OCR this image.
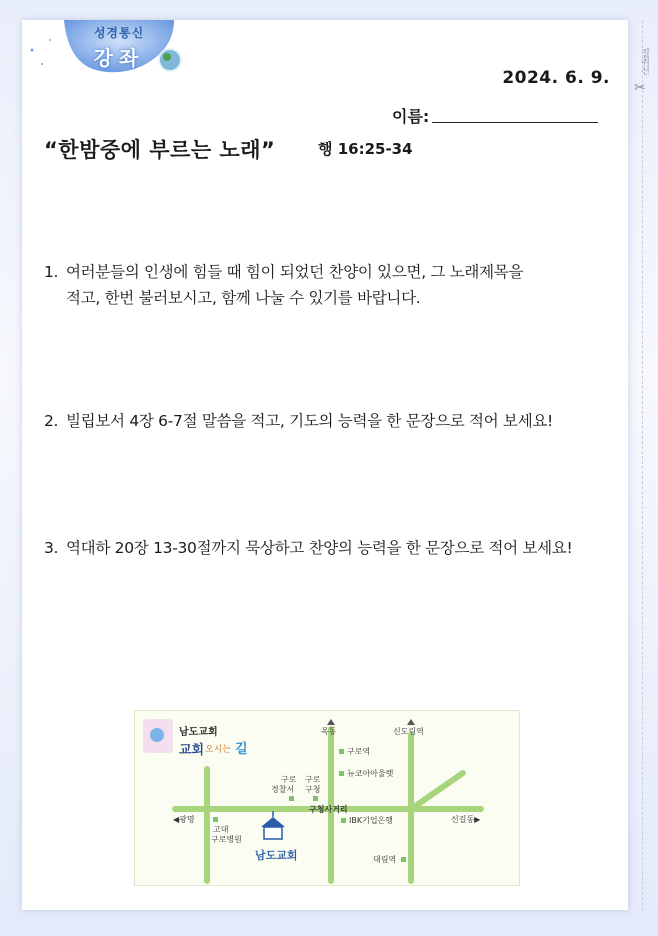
절취선
✂
성경통신
강좌
2024. 6. 9.
이름:
“한밤중에 부르는 노래”	행 16:25-34
1. 여러분들의 인생에 힘들 때 힘이 되었던 찬양이 있으면, 그 노래제목을
적고, 한번 불러보시고, 함께 나눌 수 있기를 바랍니다.
2. 빌립보서 4장 6-7절 말씀을 적고, 기도의 능력을 한 문장으로 적어 보세요!
3. 역대하 20장 13-30절까지 묵상하고 찬양의 능력을 한 문장으로 적어 보세요!
남도교회
교회 오시는 길
목동	신도림역
구로역
뉴코아아울렛
구로
경찰서
구로
구청
구청사거리
◀광명
고대
구로병원
IBK기업은행	신길동▶
대림역
남도교회
